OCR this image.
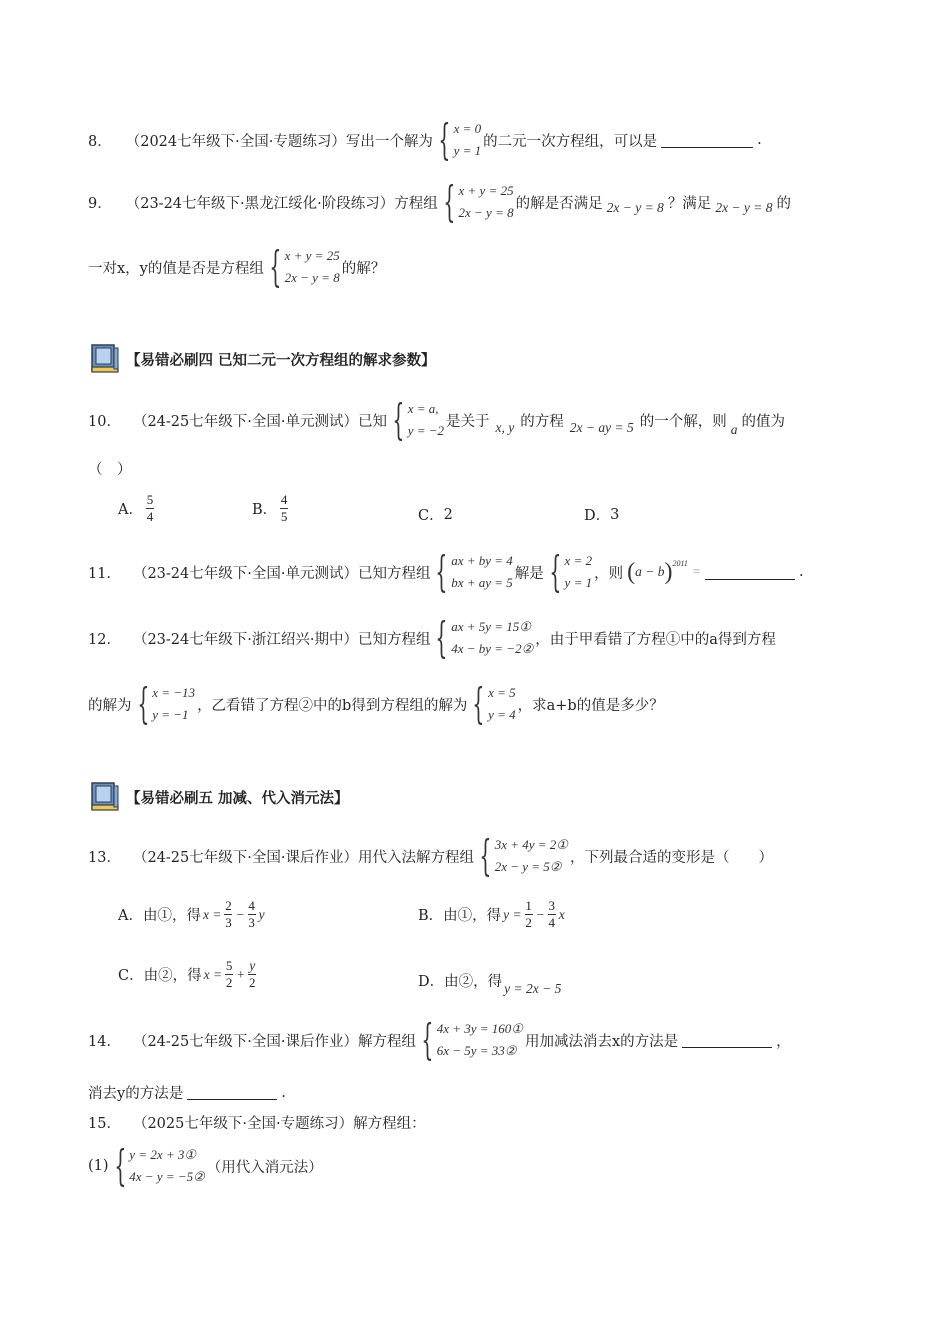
8． （2024七年级下·全国·专题练习） 写出一个解为 { x = 0
y = 1
的二元一次方程组，可以是	.
9． （23-24七年级下·黑龙江绥化·阶段练习） 方程组 { x + y = 25
2x − y = 8
的解是否满足 2x − y = 8 ？满足 2x − y = 8 的
一对x，y的值是否是方程组 { x + y = 25
2x − y = 8
的解？
【易错必刷四 已知二元一次方程组的解求参数】
10． （24-25七年级下·全国·单元测试） 已知 { x = a,
y = −2
是关于 x, y 的方程 2x − ay = 5 的一个解，则 a 的值为
（　）
A． $\frac{5}{4}$	B． $\frac{4}{5}$	C． 2	D． 3
11． （23-24七年级下·全国·单元测试） 已知方程组 { ax + by = 4
bx + ay = 5
解是 { x = 2
y = 1
，则 ( a − b ) 2011
=	.
12． （23-24七年级下·浙江绍兴·期中） 已知方程组 { ax + 5y = 15①
4x − by = −2②
，由于甲看错了方程①中的a得到方程
的解为 { x = −13
y = −1
，乙看错了方程②中的b得到方程组的解为 { x = 5
y = 4
，求a+b的值是多少？
【易错必刷五 加减、代入消元法】
13． （24-25七年级下·全国·课后作业） 用代入法解方程组 { 3x + 4y = 2①
2x − y = 5②
，下列最合适的变形是（　　）
A．由①，得 $x = \frac{2}{3} - \frac{4}{3}$ y	B．由①，得 $y = \frac{1}{2} - \frac{3}{4}$ x
C．由②，得 $x = \frac{5}{2} + \frac{y}{2}$	D．由②，得 y = 2x − 5
14． （24-25七年级下·全国·课后作业） 解方程组 { 4x + 3y = 160①
6x − 5y = 33②
用加减法消去x的方法是	，
消去y的方法是	.
15． （2025七年级下·全国·专题练习） 解方程组：
(1) { y = 2x + 3①
4x − y = −5②
（用代入消元法）
